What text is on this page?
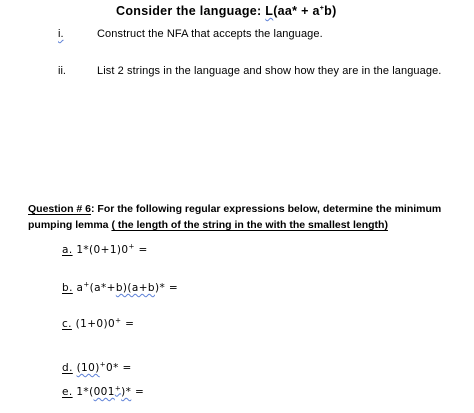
Consider the language: L(aa* + a+b)
i.	Construct the NFA that accepts the language.
ii.	List 2 strings in the language and show how they are in the language.
Question # 6: For the following regular expressions below, determine the minimum
pumping lemma ( the length of the string in the with the smallest length)
a. 1*(0+1)0+ =
b. a+(a*+b)(a+b)* =
c. (1+0)0+ =
d. (10)+0* =
e. 1*(001+)* =
